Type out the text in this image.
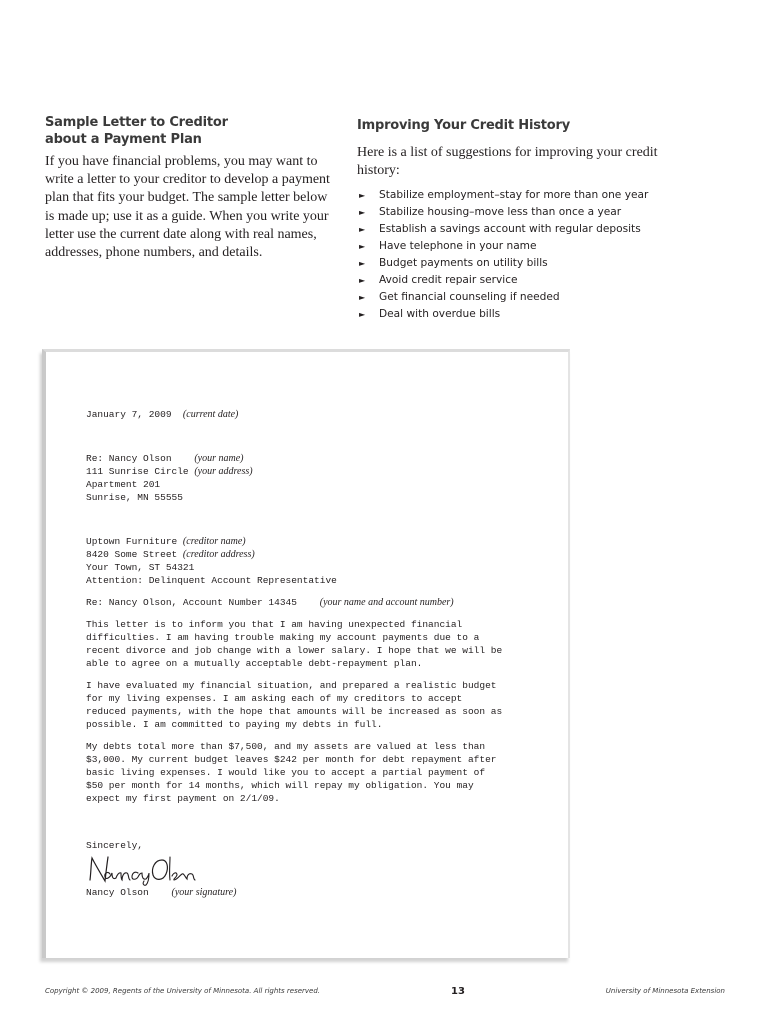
Sample Letter to Creditor
about a Payment Plan
If you have financial problems, you may want to write a letter to your creditor to develop a payment plan that fits your budget. The sample letter below is made up; use it as a guide. When you write your letter use the current date along with real names, addresses, phone numbers, and details.
Improving Your Credit History
Here is a list of suggestions for improving your credit history:
► Stabilize employment–stay for more than one year
► Stabilize housing–move less than once a year
► Establish a savings account with regular deposits
► Have telephone in your name
► Budget payments on utility bills
► Avoid credit repair service
► Get financial counseling if needed
► Deal with overdue bills
January 7, 2009 (current date)
Re: Nancy Olson (your name)
111 Sunrise Circle (your address)
Apartment 201
Sunrise, MN 55555
Uptown Furniture (creditor name)
8420 Some Street (creditor address)
Your Town, ST 54321
Attention: Delinquent Account Representative
Re: Nancy Olson, Account Number 14345 (your name and account number)
This letter is to inform you that I am having unexpected financial
difficulties. I am having trouble making my account payments due to a
recent divorce and job change with a lower salary. I hope that we will be
able to agree on a mutually acceptable debt-repayment plan.
I have evaluated my financial situation, and prepared a realistic budget
for my living expenses. I am asking each of my creditors to accept
reduced payments, with the hope that amounts will be increased as soon as
possible. I am committed to paying my debts in full.
My debts total more than $7,500, and my assets are valued at less than
$3,000. My current budget leaves $242 per month for debt repayment after
basic living expenses. I would like you to accept a partial payment of
$50 per month for 14 months, which will repay my obligation. You may
expect my first payment on 2/1/09.
Sincerely,
Nancy Olson (your signature)
Copyright © 2009, Regents of the University of Minnesota. All rights reserved.	13	University of Minnesota Extension
